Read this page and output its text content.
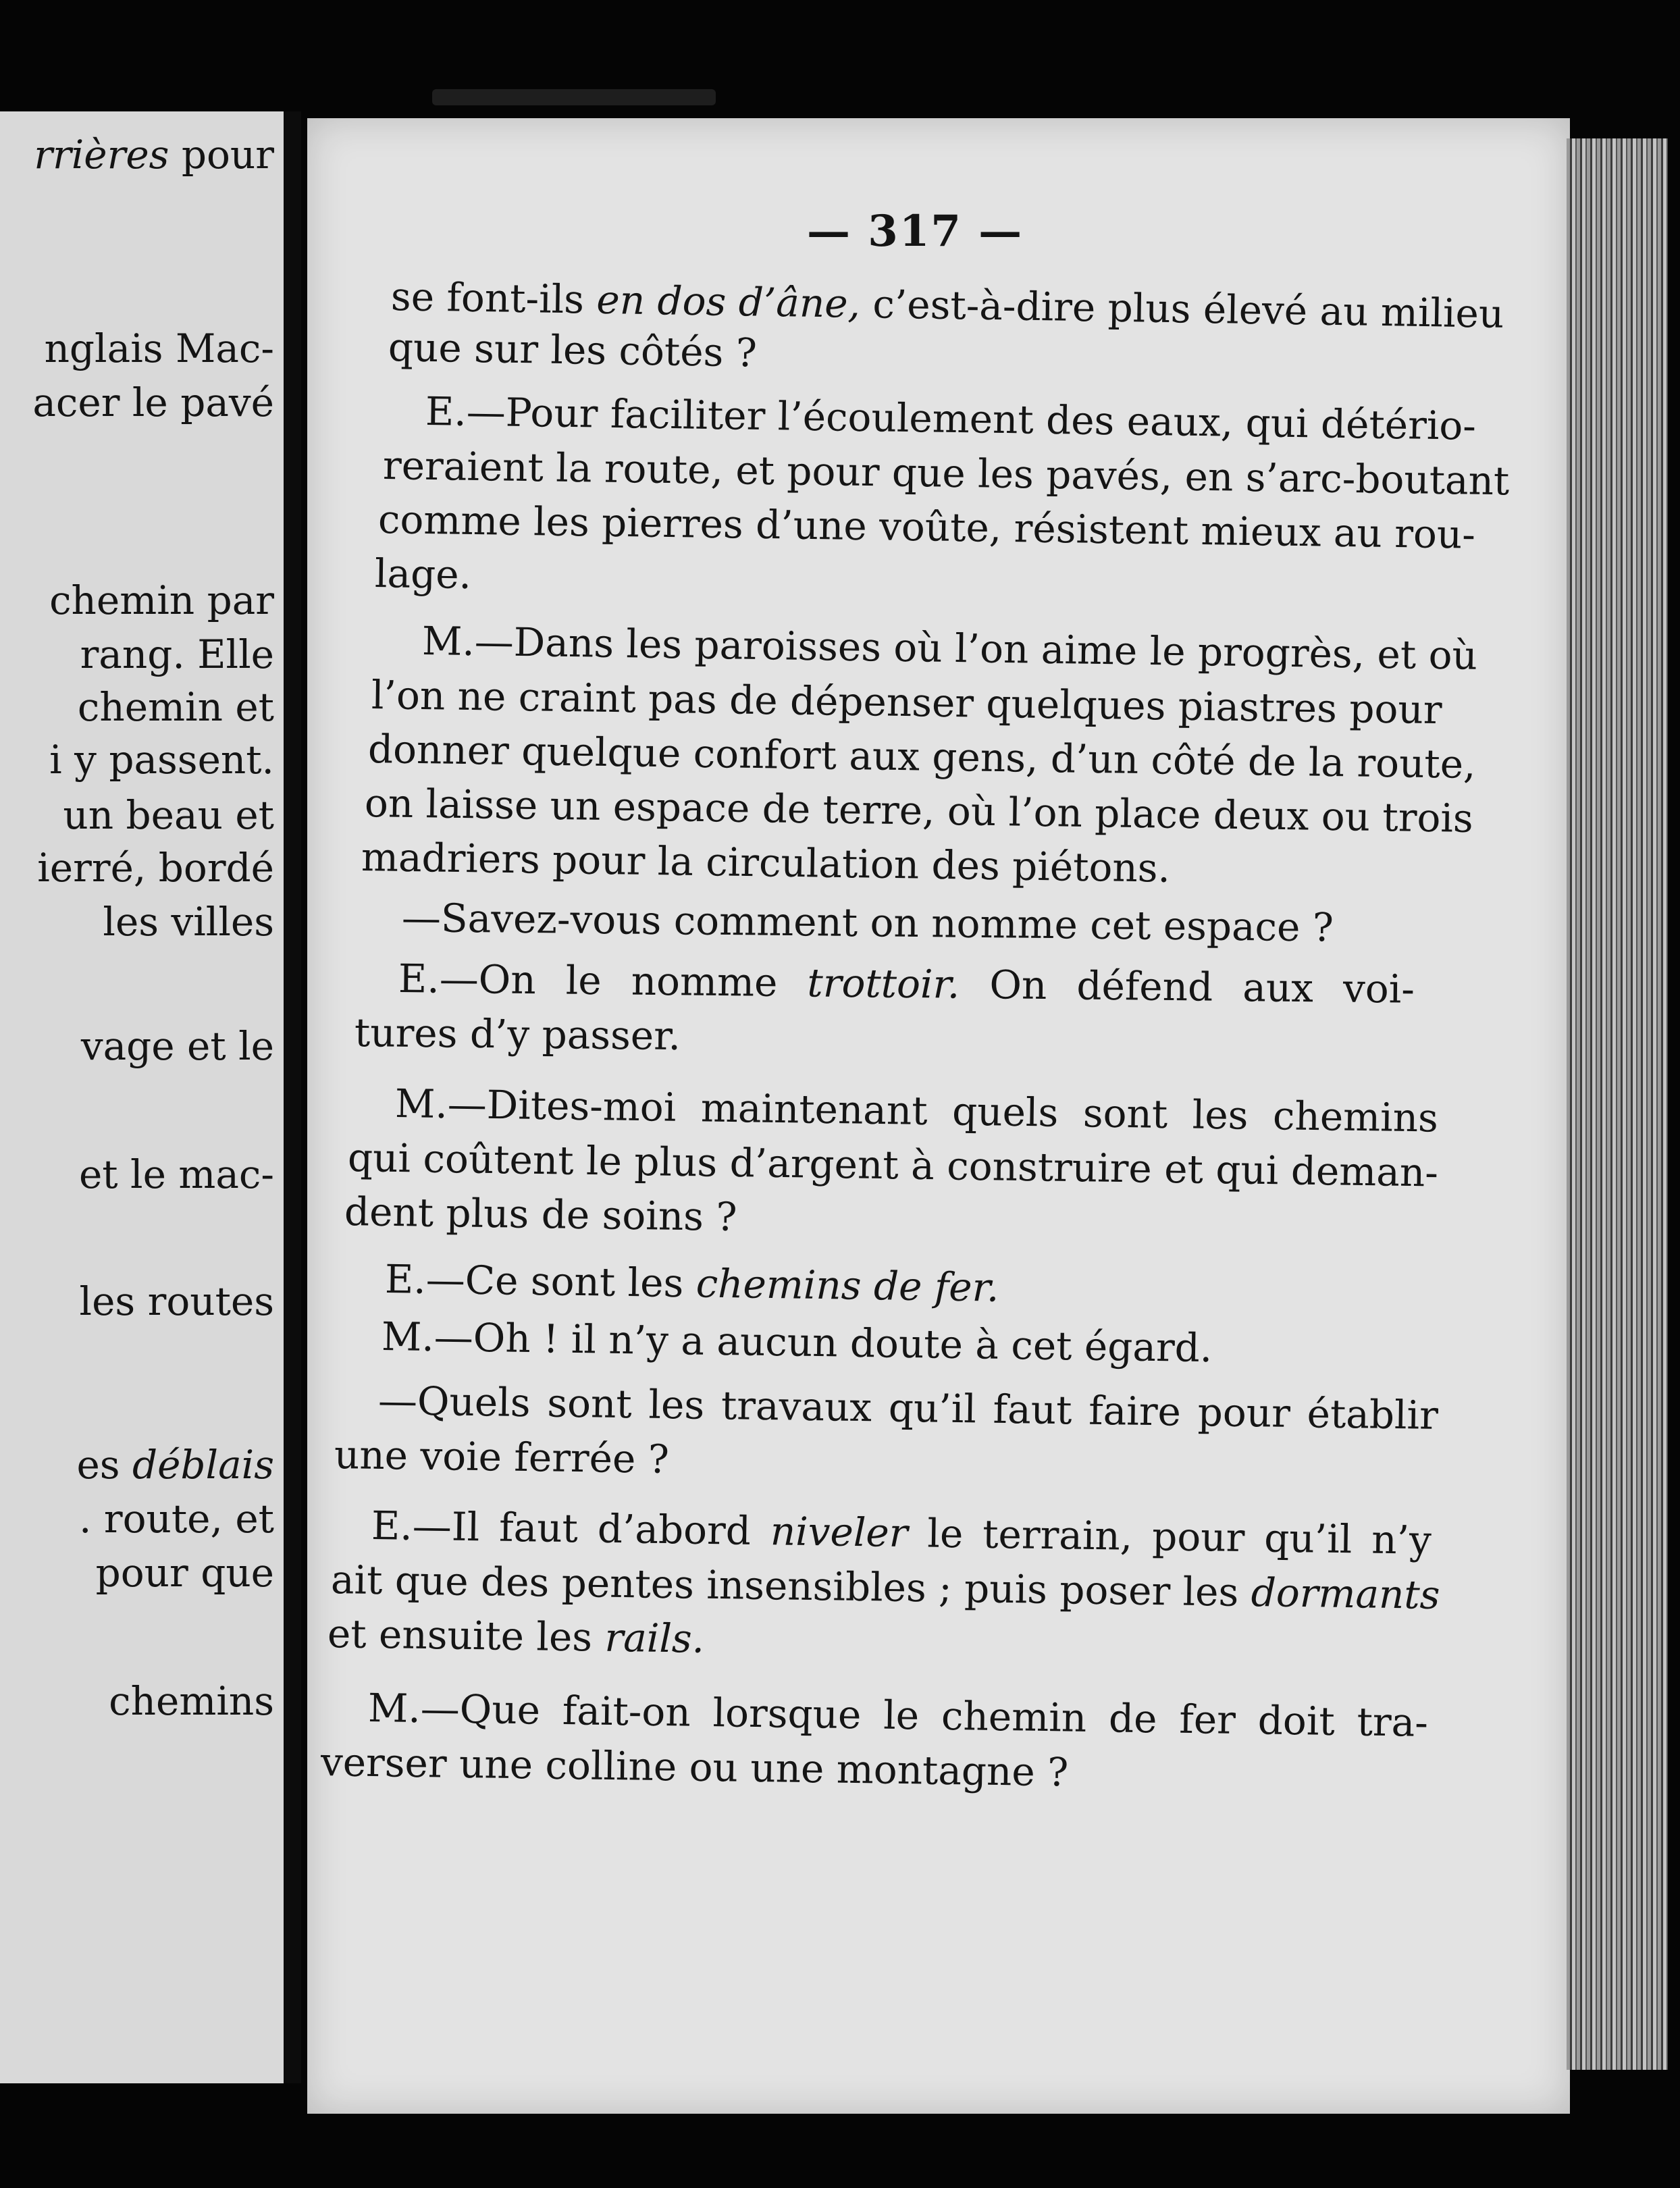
rrières pour
nglais Mac-
acer le pavé
chemin par
rang. Elle
chemin et
i y passent.
un beau et
ierré, bordé
les villes
vage et le
et le mac-
les routes
es déblais
. route, et
pour que
chemins
— 317 —
se font-ils en dos d’âne, c’est-à-dire plus élevé au milieu
que sur les côtés ?
E.—Pour faciliter l’écoulement des eaux, qui détério-
reraient la route, et pour que les pavés, en s’arc-boutant
comme les pierres d’une voûte, résistent mieux au rou-
lage.
M.—Dans les paroisses où l’on aime le progrès, et où
l’on ne craint pas de dépenser quelques piastres pour
donner quelque confort aux gens, d’un côté de la route,
on laisse un espace de terre, où l’on place deux ou trois
madriers pour la circulation des piétons.
—Savez-vous comment on nomme cet espace ?
E.—On le nomme trottoir. On défend aux voi-
tures d’y passer.
M.—Dites-moi maintenant quels sont les chemins
qui coûtent le plus d’argent à construire et qui deman-
dent plus de soins ?
E.—Ce sont les chemins de fer.
M.—Oh ! il n’y a aucun doute à cet égard.
—Quels sont les travaux qu’il faut faire pour établir
une voie ferrée ?
E.—Il faut d’abord niveler le terrain, pour qu’il n’y
ait que des pentes insensibles ; puis poser les dormants
et ensuite les rails.
M.—Que fait-on lorsque le chemin de fer doit tra-
verser une colline ou une montagne ?
